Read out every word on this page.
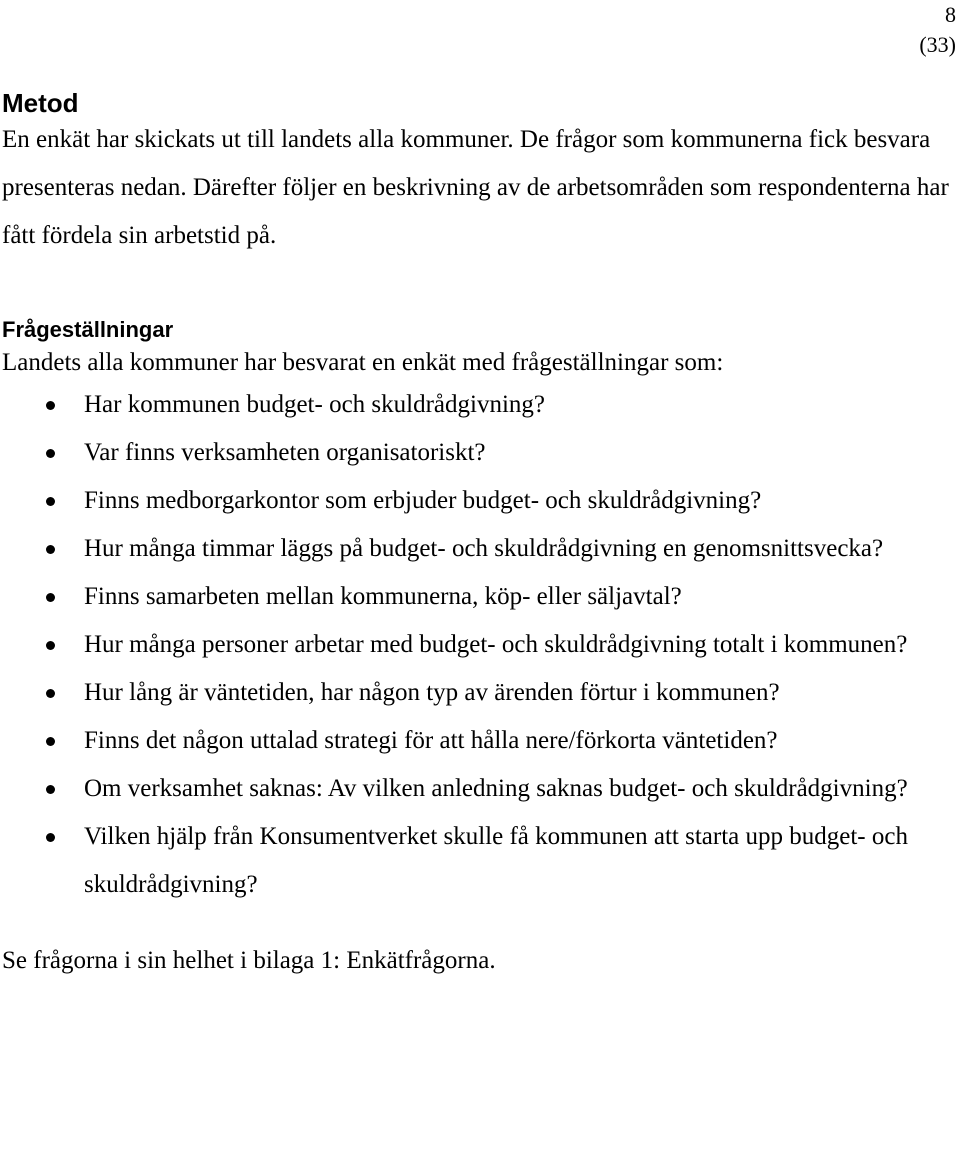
8
(33)
Metod

En enkät har skickats ut till landets alla kommuner. De frågor som kommunerna fick besvara presenteras nedan. Därefter följer en beskrivning av de arbetsområden som respondenterna har fått fördela sin arbetstid på.

Frågeställningar

Landets alla kommuner har besvarat en enkät med frågeställningar som:

Har kommunen budget- och skuldrådgivning?
Var finns verksamheten organisatoriskt?
Finns medborgarkontor som erbjuder budget- och skuldrådgivning?
Hur många timmar läggs på budget- och skuldrådgivning en genomsnittsvecka?
Finns samarbeten mellan kommunerna, köp- eller säljavtal?
Hur många personer arbetar med budget- och skuldrådgivning totalt i kommunen?
Hur lång är väntetiden, har någon typ av ärenden förtur i kommunen?
Finns det någon uttalad strategi för att hålla nere/förkorta väntetiden?
Om verksamhet saknas: Av vilken anledning saknas budget- och skuldrådgivning?
Vilken hjälp från Konsumentverket skulle få kommunen att starta upp budget- och skuldrådgivning?

Se frågorna i sin helhet i bilaga 1: Enkätfrågorna.
